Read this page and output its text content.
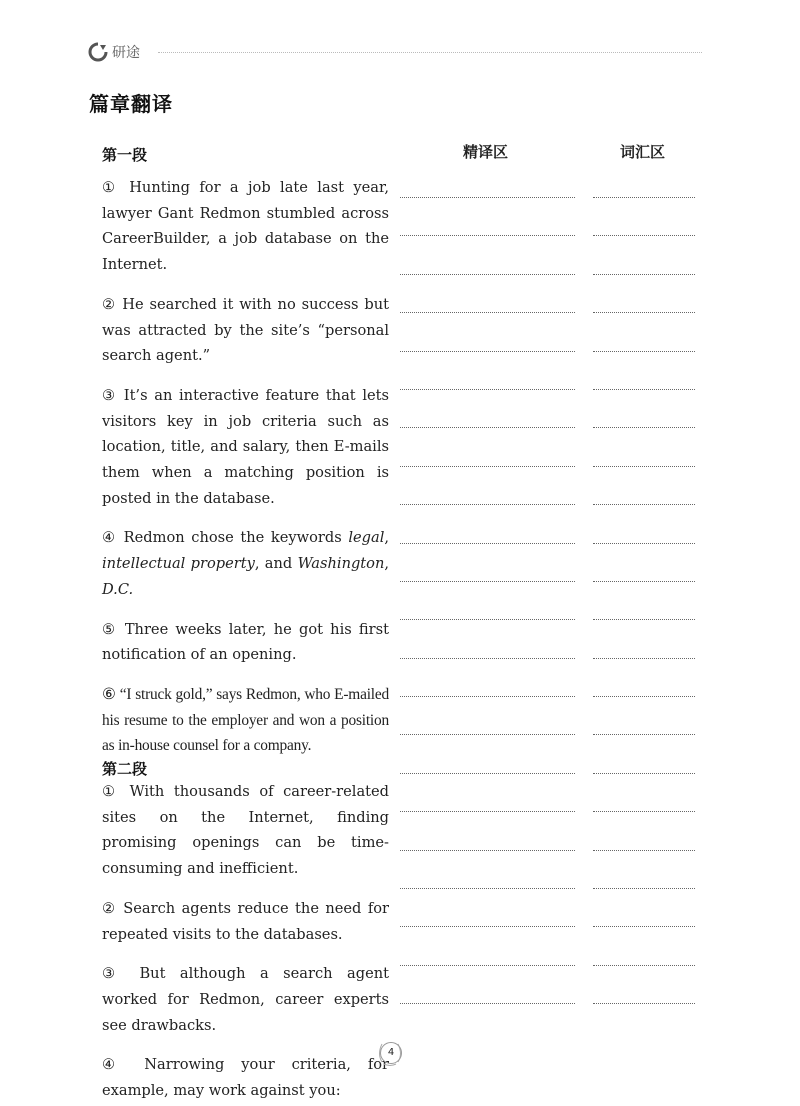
研途
篇章翻译
精译区	词汇区
第一段
① Hunting for a job late last year, lawyer Gant Redmon stumbled across CareerBuilder, a job database on the Internet.
② He searched it with no success but was attracted by the site’s “personal search agent.”
③ It’s an interactive feature that lets visitors key in job criteria such as location, title, and salary, then E-mails them when a matching position is posted in the database.
④ Redmon chose the keywords legal, intellectual property, and Washington, D.C.
⑤ Three weeks later, he got his first notification of an opening.
⑥ “I struck gold,” says Redmon, who E-mailed his resume to the employer and won a position as in-house counsel for a company.
第二段
① With thousands of career-related sites on the Internet, finding promising openings can be time-consuming and inefficient.
② Search agents reduce the need for repeated visits to the databases.
③ But although a search agent worked for Redmon, career experts see drawbacks.
④ Narrowing your criteria, for example, may work against you:
4
